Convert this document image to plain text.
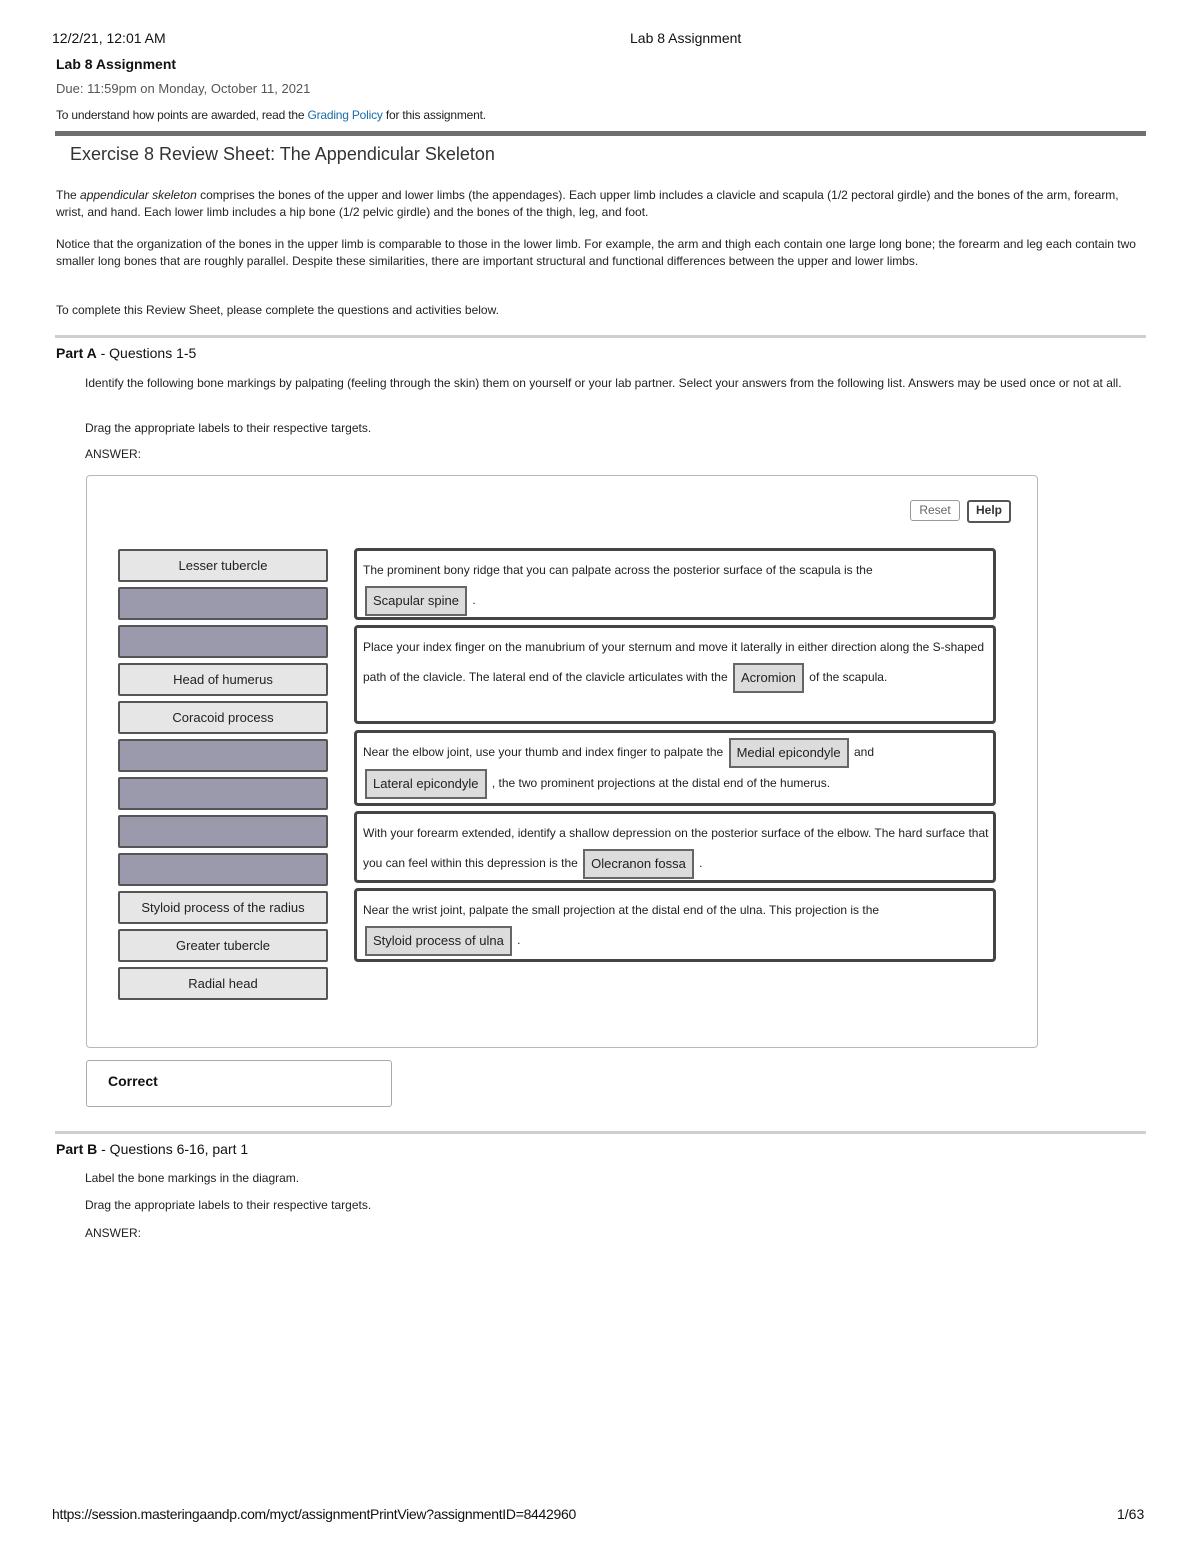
12/2/21, 12:01 AM	Lab 8 Assignment
Lab 8 Assignment
Due: 11:59pm on Monday, October 11, 2021
To understand how points are awarded, read the Grading Policy for this assignment.
Exercise 8 Review Sheet: The Appendicular Skeleton
The appendicular skeleton comprises the bones of the upper and lower limbs (the appendages). Each upper limb includes a clavicle and scapula (1/2 pectoral girdle) and the bones of the arm, forearm, wrist, and hand. Each lower limb includes a hip bone (1/2 pelvic girdle) and the bones of the thigh, leg, and foot.
Notice that the organization of the bones in the upper limb is comparable to those in the lower limb. For example, the arm and thigh each contain one large long bone; the forearm and leg each contain two smaller long bones that are roughly parallel. Despite these similarities, there are important structural and functional differences between the upper and lower limbs.
To complete this Review Sheet, please complete the questions and activities below.
Part A - Questions 1-5
Identify the following bone markings by palpating (feeling through the skin) them on yourself or your lab partner. Select your answers from the following list. Answers may be used once or not at all.
Drag the appropriate labels to their respective targets.
ANSWER:
Reset	Help
Lesser tubercle
Head of humerus
Coracoid process
Styloid process of the radius
Greater tubercle
Radial head
The prominent bony ridge that you can palpate across the posterior surface of the scapula is the
Scapular spine .
Place your index finger on the manubrium of your sternum and move it laterally in either direction along the S-shaped path of the clavicle. The lateral end of the clavicle articulates with the Acromion of the scapula.
Near the elbow joint, use your thumb and index finger to palpate the Medial epicondyle and
Lateral epicondyle , the two prominent projections at the distal end of the humerus.
With your forearm extended, identify a shallow depression on the posterior surface of the elbow. The hard surface that you can feel within this depression is the Olecranon fossa .
Near the wrist joint, palpate the small projection at the distal end of the ulna. This projection is the
Styloid process of ulna .
Correct
Part B - Questions 6-16, part 1
Label the bone markings in the diagram.
Drag the appropriate labels to their respective targets.
ANSWER:
https://session.masteringaandp.com/myct/assignmentPrintView?assignmentID=8442960	1/63
